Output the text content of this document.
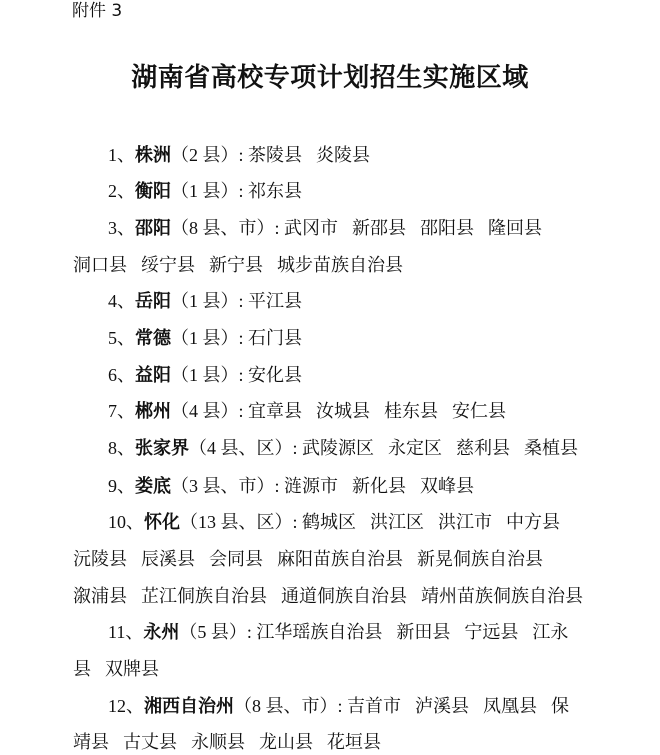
附件 3
湖南省高校专项计划招生实施区域
1、株洲（2 县）: 茶陵县 炎陵县
2、衡阳（1 县）: 祁东县
3、邵阳（8 县、市）: 武冈市 新邵县 邵阳县 隆回县
洞口县 绥宁县 新宁县 城步苗族自治县
4、岳阳（1 县）: 平江县
5、常德（1 县）: 石门县
6、益阳（1 县）: 安化县
7、郴州（4 县）: 宜章县 汝城县 桂东县 安仁县
8、张家界（4 县、区）: 武陵源区 永定区 慈利县 桑植县
9、娄底（3 县、市）: 涟源市 新化县 双峰县
10、怀化（13 县、区）: 鹤城区 洪江区 洪江市 中方县
沅陵县 辰溪县 会同县 麻阳苗族自治县 新晃侗族自治县
溆浦县 芷江侗族自治县 通道侗族自治县 靖州苗族侗族自治县
11、永州（5 县）: 江华瑶族自治县 新田县 宁远县 江永
县 双牌县
12、湘西自治州（8 县、市）: 吉首市 泸溪县 凤凰县 保
靖县 古丈县 永顺县 龙山县 花垣县
